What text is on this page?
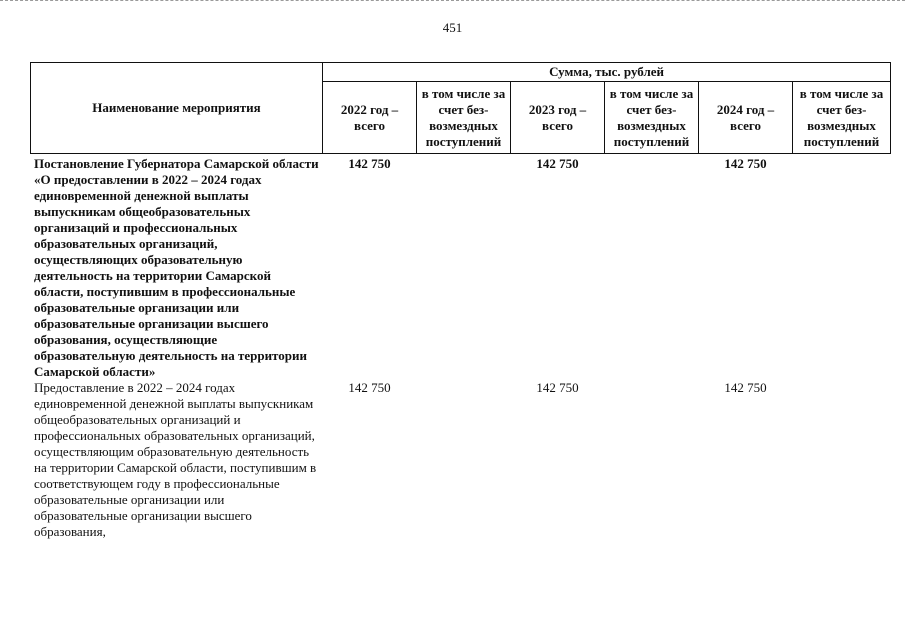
451
Наименование мероприятия	Сумма, тыс. рублей					
	2022 год – всего	в том числе за счет без-возмездных поступлений	2023 год – всего	в том числе за счет без-возмездных поступлений	2024 год – всего	в том числе за счет без-возмездных поступлений
Постановление Губернатора Самарской области «О предоставлении в 2022 – 2024 годах единовременной денежной выплаты выпускникам общеобразовательных организаций и профессиональных образовательных организаций, осуществляющих образовательную деятельность на территории Самарской области, поступившим в профессиональные образовательные организации или образовательные организации высшего образования, осуществляющие образовательную деятельность на территории Самарской области»	142 750		142 750		142 750	
Предоставление в 2022 – 2024 годах единовременной денежной выплаты выпускникам общеобразовательных организаций и профессиональных образовательных организаций, осуществляющим образовательную деятельность на территории Самарской области, поступившим в соответствующем году в профессиональные образовательные организации или образовательные организации высшего образования,	142 750		142 750		142 750	
